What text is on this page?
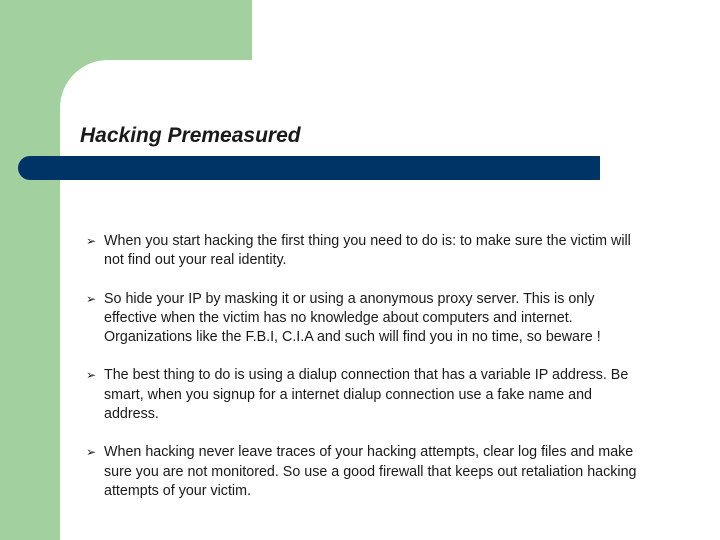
Hacking Premeasured
➢ When you start hacking the first thing you need to do is: to make sure the victim will not find out your real identity.
➢ So hide your IP by masking it or using a anonymous proxy server. This is only effective when the victim has no knowledge about computers and internet. Organizations like the F.B.I, C.I.A and such will find you in no time, so beware !
➢ The best thing to do is using a dialup connection that has a variable IP address. Be smart, when you signup for a internet dialup connection use a fake name and address.
➢ When hacking never leave traces of your hacking attempts, clear log files and make sure you are not monitored. So use a good firewall that keeps out retaliation hacking attempts of your victim.
